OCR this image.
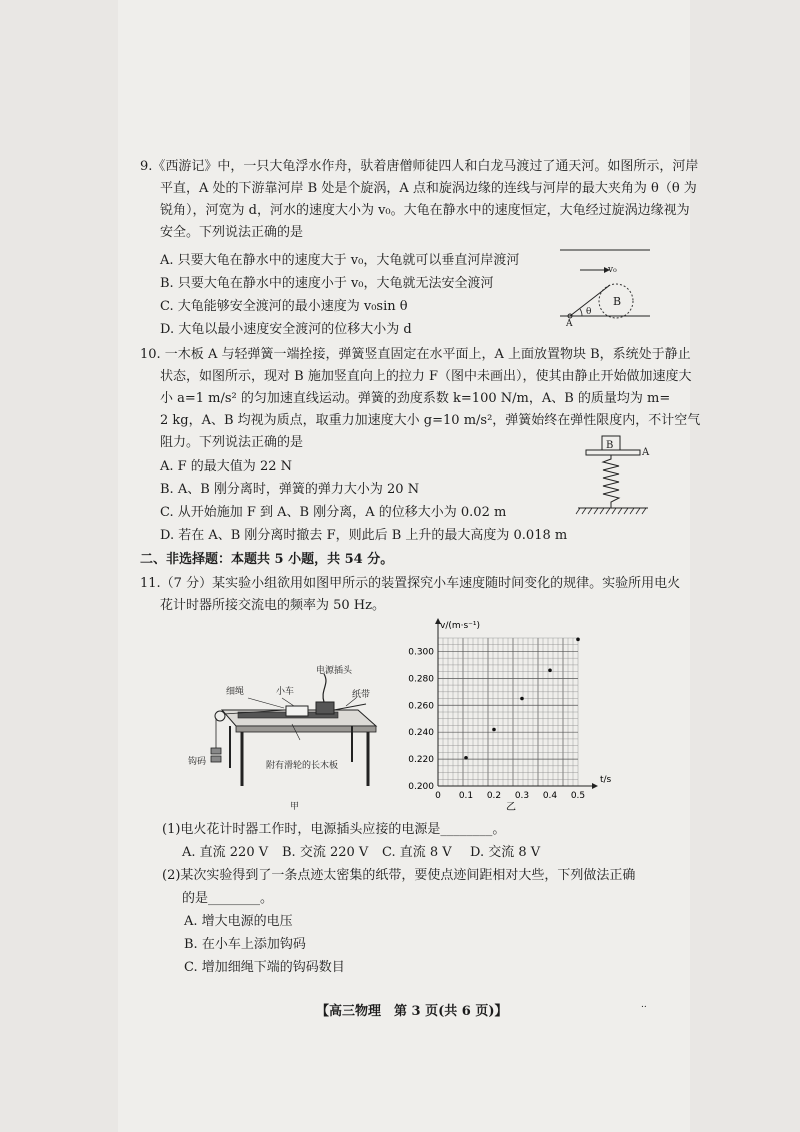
9.《西游记》中，一只大龟浮水作舟，驮着唐僧师徒四人和白龙马渡过了通天河。如图所示，河岸
平直，A 处的下游靠河岸 B 处是个旋涡，A 点和旋涡边缘的连线与河岸的最大夹角为 θ（θ 为
锐角），河宽为 d，河水的速度大小为 v₀。大龟在静水中的速度恒定，大龟经过旋涡边缘视为
安全。下列说法正确的是
A. 只要大龟在静水中的速度大于 v₀，大龟就可以垂直河岸渡河
B. 只要大龟在静水中的速度小于 v₀，大龟就无法安全渡河
C. 大龟能够安全渡河的最小速度为 v₀sin θ
D. 大龟以最小速度安全渡河的位移大小为 d
v₀
B
A
θ
10. 一木板 A 与轻弹簧一端拴接，弹簧竖直固定在水平面上，A 上面放置物块 B，系统处于静止
状态，如图所示，现对 B 施加竖直向上的拉力 F（图中未画出），使其由静止开始做加速度大
小 a=1 m/s² 的匀加速直线运动。弹簧的劲度系数 k=100 N/m，A、B 的质量均为 m=
2 kg，A、B 均视为质点，取重力加速度大小 g=10 m/s²，弹簧始终在弹性限度内，不计空气
阻力。下列说法正确的是
A. F 的最大值为 22 N
B. A、B 刚分离时，弹簧的弹力大小为 20 N
C. 从开始施加 F 到 A、B 刚分离，A 的位移大小为 0.02 m
D. 若在 A、B 刚分离时撤去 F，则此后 B 上升的最大高度为 0.018 m
B
A
二、非选择题：本题共 5 小题，共 54 分。
11.（7 分）某实验小组欲用如图甲所示的装置探究小车速度随时间变化的规律。实验所用电火
花计时器所接交流电的频率为 50 Hz。
电源插头
细绳	小车	纸带
钩码	附有滑轮的长木板
甲
0 0.1 0.2 0.3 0.4 0.5
0.200
0.220
0.240
0.260
0.280
0.300
t/s
v/(m·s⁻¹)
乙
(1)电火花计时器工作时，电源插头应接的电源是________。
A. 直流 220 V B. 交流 220 V C. 直流 8 V D. 交流 8 V
(2)某次实验得到了一条点迹太密集的纸带，要使点迹间距相对大些，下列做法正确
的是________。
A. 增大电源的电压
B. 在小车上添加钩码
C. 增加细绳下端的钩码数目
【高三物理　第 3 页(共 6 页)】	..
